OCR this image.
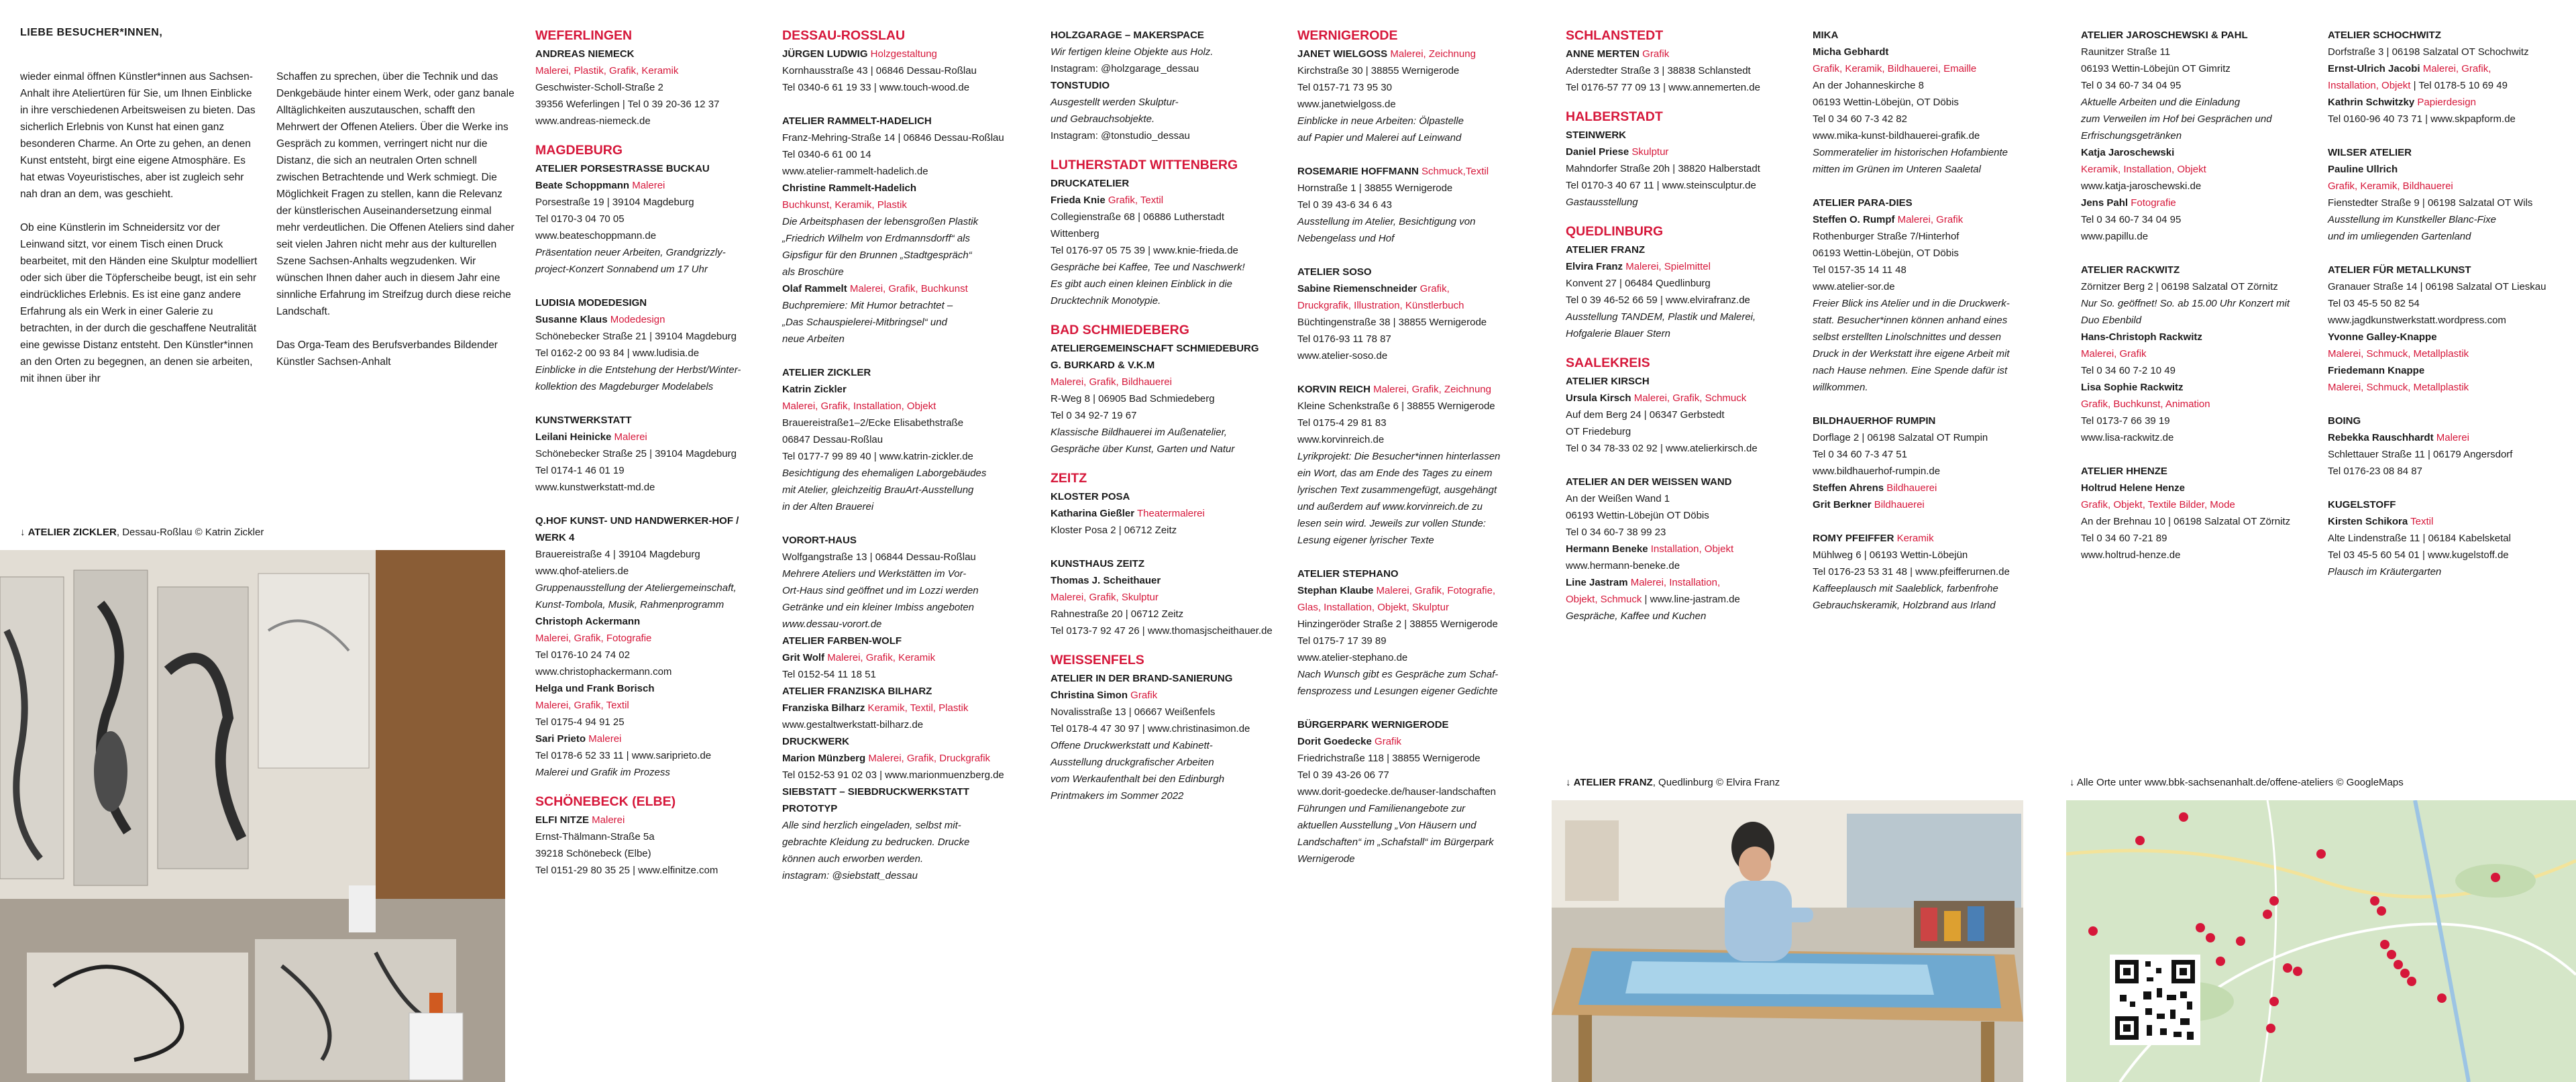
LIEBE BESUCHER*INNEN,

wieder einmal öffnen Künstler*innen aus Sachsen-Anhalt ihre Ateliertüren für Sie, um Ihnen Einblicke in ihre verschiedenen Arbeitsweisen zu bieten. Das sicherlich Erlebnis von Kunst hat einen ganz besonderen Charme. An Orte zu gehen, an denen Kunst entsteht, birgt eine eigene Atmosphäre. Es hat etwas Voyeuristisches, aber ist zugleich sehr nah dran an dem, was geschieht.

Ob eine Künstlerin im Schneidersitz vor der Leinwand sitzt, vor einem Tisch einen Druck bearbeitet, mit den Händen eine Skulptur modelliert oder sich über die Töpferscheibe beugt, ist ein sehr eindrückliches Erlebnis. Es ist eine ganz andere Erfahrung als ein Werk in einer Galerie zu betrachten, in der durch die geschaffene Neutralität eine gewisse Distanz entsteht. Den Künstler*innen an den Orten zu begegnen, an denen sie arbeiten, mit ihnen über ihr

Schaffen zu sprechen, über die Technik und das Denkgebäude hinter einem Werk, oder ganz banale Alltäglichkeiten auszutauschen, schafft den Mehrwert der Offenen Ateliers. Über die Werke ins Gespräch zu kommen, verringert nicht nur die Distanz, die sich an neutralen Orten schnell zwischen Betrachtende und Werk schmiegt. Die Möglichkeit Fragen zu stellen, kann die Relevanz der künstlerischen Auseinandersetzung einmal mehr verdeutlichen. Die Offenen Ateliers sind daher seit vielen Jahren nicht mehr aus der kulturellen Szene Sachsen-Anhalts wegzudenken. Wir wünschen Ihnen daher auch in diesem Jahr eine sinnliche Erfahrung im Streifzug durch diese reiche Landschaft.

Das Orga-Team des Berufsverbandes Bildender Künstler Sachsen-Anhalt

↓ ATELIER ZICKLER, Dessau-Roßlau © Katrin Zickler
WEFERLINGEN
ANDREAS NIEMECK
Malerei, Plastik, Grafik, Keramik
Geschwister-Scholl-Straße 2
39356 Weferlingen | Tel 0 39 20-36 12 37
www.andreas-niemeck.de
MAGDEBURG
ATELIER PORSESTRASSE BUCKAU
Beate Schoppmann Malerei
Porsestraße 19 | 39104 Magdeburg
Tel 0170-3 04 70 05
www.beateschoppmann.de
Präsentation neuer Arbeiten, Grandgrizzly-
project-Konzert Sonnabend um 17 Uhr
LUDISIA MODEDESIGN
Susanne Klaus Modedesign
Schönebecker Straße 21 | 39104 Magdeburg
Tel 0162-2 00 93 84 | www.ludisia.de
Einblicke in die Entstehung der Herbst/Winter-
kollektion des Magdeburger Modelabels
KUNSTWERKSTATT
Leilani Heinicke Malerei
Schönebecker Straße 25 | 39104 Magdeburg
Tel 0174-1 46 01 19
www.kunstwerkstatt-md.de
Q.HOF KUNST- UND HANDWERKER-HOF /
WERK 4
Brauereistraße 4 | 39104 Magdeburg
www.qhof-ateliers.de
Gruppenausstellung der Ateliergemeinschaft,
Kunst-Tombola, Musik, Rahmenprogramm
Christoph Ackermann
Malerei, Grafik, Fotografie
Tel 0176-10 24 74 02
www.christophackermann.com
Helga und Frank Borisch
Malerei, Grafik, Textil
Tel 0175-4 94 91 25
Sari Prieto Malerei
Tel 0178-6 52 33 11 | www.sariprieto.de
Malerei und Grafik im Prozess
SCHÖNEBECK (ELBE)
ELFI NITZE Malerei
Ernst-Thälmann-Straße 5a
39218 Schönebeck (Elbe)
Tel 0151-29 80 35 25 | www.elfinitze.com
DESSAU-ROSSLAU
JÜRGEN LUDWIG Holzgestaltung
Kornhausstraße 43 | 06846 Dessau-Roßlau
Tel 0340-6 61 19 33 | www.touch-wood.de
ATELIER RAMMELT-HADELICH
Franz-Mehring-Straße 14 | 06846 Dessau-Roßlau
Tel 0340-6 61 00 14
www.atelier-rammelt-hadelich.de
Christine Rammelt-Hadelich
Buchkunst, Keramik, Plastik
Die Arbeitsphasen der lebensgroßen Plastik
„Friedrich Wilhelm von Erdmannsdorff“ als
Gipsfigur für den Brunnen „Stadtgespräch“
als Broschüre
Olaf Rammelt Malerei, Grafik, Buchkunst
Buchpremiere: Mit Humor betrachtet –
„Das Schauspielerei-Mitbringsel“ und
neue Arbeiten
ATELIER ZICKLER
Katrin Zickler
Malerei, Grafik, Installation, Objekt
Brauereistraße1–2/Ecke Elisabethstraße
06847 Dessau-Roßlau
Tel 0177-7 99 89 40 | www.katrin-zickler.de
Besichtigung des ehemaligen Laborgebäudes
mit Atelier, gleichzeitig BrauArt-Ausstellung
in der Alten Brauerei
VORORT-HAUS
Wolfgangstraße 13 | 06844 Dessau-Roßlau
Mehrere Ateliers und Werkstätten im Vor-
Ort-Haus sind geöffnet und im Lozzi werden
Getränke und ein kleiner Imbiss angeboten
www.dessau-vorort.de
ATELIER FARBEN-WOLF
Grit Wolf Malerei, Grafik, Keramik
Tel 0152-54 11 18 51
ATELIER FRANZISKA BILHARZ
Franziska Bilharz Keramik, Textil, Plastik
www.gestaltwerkstatt-bilharz.de
DRUCKWERK
Marion Münzberg Malerei, Grafik, Druckgrafik
Tel 0152-53 91 02 03 | www.marionmuenzberg.de
SIEBSTATT – SIEBDRUCKWERKSTATT
PROTOTYP
Alle sind herzlich eingeladen, selbst mit-
gebrachte Kleidung zu bedrucken. Drucke
können auch erworben werden.
instagram: @siebstatt_dessau
HOLZGARAGE – MAKERSPACE
Wir fertigen kleine Objekte aus Holz.
Instagram: @holzgarage_dessau
TONSTUDIO
Ausgestellt werden Skulptur-
und Gebrauchsobjekte.
Instagram: @tonstudio_dessau
LUTHERSTADT WITTENBERG
DRUCKATELIER
Frieda Knie Grafik, Textil
Collegienstraße 68 | 06886 Lutherstadt
Wittenberg
Tel 0176-97 05 75 39 | www.knie-frieda.de
Gespräche bei Kaffee, Tee und Naschwerk!
Es gibt auch einen kleinen Einblick in die
Drucktechnik Monotypie.
BAD SCHMIEDEBERG
ATELIERGEMEINSCHAFT SCHMIEDEBURG
G. BURKARD & V.K.M
Malerei, Grafik, Bildhauerei
R-Weg 8 | 06905 Bad Schmiedeberg
Tel 0 34 92-7 19 67
Klassische Bildhauerei im Außenatelier,
Gespräche über Kunst, Garten und Natur
ZEITZ
KLOSTER POSA
Katharina Gießler Theatermalerei
Kloster Posa 2 | 06712 Zeitz
KUNSTHAUS ZEITZ
Thomas J. Scheithauer
Malerei, Grafik, Skulptur
Rahnestraße 20 | 06712 Zeitz
Tel 0173-7 92 47 26 | www.thomasjscheithauer.de
WEISSENFELS
ATELIER IN DER BRAND-SANIERUNG
Christina Simon Grafik
Novalisstraße 13 | 06667 Weißenfels
Tel 0178-4 47 30 97 | www.christinasimon.de
Offene Druckwerkstatt und Kabinett-
Ausstellung druckgrafischer Arbeiten
vom Werkaufenthalt bei den Edinburgh
Printmakers im Sommer 2022
WERNIGERODE
JANET WIELGOSS Malerei, Zeichnung
Kirchstraße 30 | 38855 Wernigerode
Tel 0157-71 73 95 30
www.janetwielgoss.de
Einblicke in neue Arbeiten: Ölpastelle
auf Papier und Malerei auf Leinwand
ROSEMARIE HOFFMANN Schmuck,Textil
Hornstraße 1 | 38855 Wernigerode
Tel 0 39 43-6 34 6 43
Ausstellung im Atelier, Besichtigung von
Nebengelass und Hof
ATELIER SOSO
Sabine Riemenschneider Grafik,
Druckgrafik, Illustration, Künstlerbuch
Büchtingenstraße 38 | 38855 Wernigerode
Tel 0176-93 11 78 87
www.atelier-soso.de
KORVIN REICH Malerei, Grafik, Zeichnung
Kleine Schenkstraße 6 | 38855 Wernigerode
Tel 0175-4 29 81 83
www.korvinreich.de
Lyrikprojekt: Die Besucher*innen hinterlassen
ein Wort, das am Ende des Tages zu einem
lyrischen Text zusammengefügt, ausgehängt
und außerdem auf www.korvinreich.de zu
lesen sein wird. Jeweils zur vollen Stunde:
Lesung eigener lyrischer Texte
ATELIER STEPHANO
Stephan Klaube Malerei, Grafik, Fotografie,
Glas, Installation, Objekt, Skulptur
Hinzingeröder Straße 2 | 38855 Wernigerode
Tel 0175-7 17 39 89
www.atelier-stephano.de
Nach Wunsch gibt es Gespräche zum Schaf-
fensprozess und Lesungen eigener Gedichte
BÜRGERPARK WERNIGERODE
Dorit Goedecke Grafik
Friedrichstraße 118 | 38855 Wernigerode
Tel 0 39 43-26 06 77
www.dorit-goedecke.de/hauser-landschaften
Führungen und Familienangebote zur
aktuellen Ausstellung „Von Häusern und
Landschaften“ im „Schafstall“ im Bürgerpark
Wernigerode
SCHLANSTEDT
ANNE MERTEN Grafik
Aderstedter Straße 3 | 38838 Schlanstedt
Tel 0176-57 77 09 13 | www.annemerten.de
HALBERSTADT
STEINWERK
Daniel Priese Skulptur
Mahndorfer Straße 20h | 38820 Halberstadt
Tel 0170-3 40 67 11 | www.steinsculptur.de
Gastausstellung
QUEDLINBURG
ATELIER FRANZ
Elvira Franz Malerei, Spielmittel
Konvent 27 | 06484 Quedlinburg
Tel 0 39 46-52 66 59 | www.elvirafranz.de
Ausstellung TANDEM, Plastik und Malerei,
Hofgalerie Blauer Stern
SAALEKREIS
ATELIER KIRSCH
Ursula Kirsch Malerei, Grafik, Schmuck
Auf dem Berg 24 | 06347 Gerbstedt
OT Friedeburg
Tel 0 34 78-33 02 92 | www.atelierkirsch.de
ATELIER AN DER WEISSEN WAND
An der Weißen Wand 1
06193 Wettin-Löbejün OT Döbis
Tel 0 34 60-7 38 99 23
Hermann Beneke Installation, Objekt
www.hermann-beneke.de
Line Jastram Malerei, Installation,
Objekt, Schmuck | www.line-jastram.de
Gespräche, Kaffee und Kuchen
MIKA
Micha Gebhardt
Grafik, Keramik, Bildhauerei, Emaille
An der Johanneskirche 8
06193 Wettin-Löbejün, OT Döbis
Tel 0 34 60 7-3 42 82
www.mika-kunst-bildhauerei-grafik.de
Sommeratelier im historischen Hofambiente
mitten im Grünen im Unteren Saaletal
ATELIER PARA-DIES
Steffen O. Rumpf Malerei, Grafik
Rothenburger Straße 7/Hinterhof
06193 Wettin-Löbejün, OT Döbis
Tel 0157-35 14 11 48
www.atelier-sor.de
Freier Blick ins Atelier und in die Druckwerk-
statt. Besucher*innen können anhand eines
selbst erstellten Linolschnittes und dessen
Druck in der Werkstatt ihre eigene Arbeit mit
nach Hause nehmen. Eine Spende dafür ist
willkommen.
BILDHAUERHOF RUMPIN
Dorflage 2 | 06198 Salzatal OT Rumpin
Tel 0 34 60 7-3 47 51
www.bildhauerhof-rumpin.de
Steffen Ahrens Bildhauerei
Grit Berkner Bildhauerei
ROMY PFEIFFER Keramik
Mühlweg 6 | 06193 Wettin-Löbejün
Tel 0176-23 53 31 48 | www.pfeifferurnen.de
Kaffeeplausch mit Saaleblick, farbenfrohe
Gebrauchskeramik, Holzbrand aus Irland
ATELIER JAROSCHEWSKI & PAHL
Raunitzer Straße 11
06193 Wettin-Löbejün OT Gimritz
Tel 0 34 60-7 34 04 95
Aktuelle Arbeiten und die Einladung
zum Verweilen im Hof bei Gesprächen und
Erfrischungsgetränken
Katja Jaroschewski
Keramik, Installation, Objekt
www.katja-jaroschewski.de
Jens Pahl Fotografie
Tel 0 34 60-7 34 04 95
www.papillu.de
ATELIER RACKWITZ
Zörnitzer Berg 2 | 06198 Salzatal OT Zörnitz
Nur So. geöffnet! So. ab 15.00 Uhr Konzert mit
Duo Ebenbild
Hans-Christoph Rackwitz
Malerei, Grafik
Tel 0 34 60 7-2 10 49
Lisa Sophie Rackwitz
Grafik, Buchkunst, Animation
Tel 0173-7 66 39 19
www.lisa-rackwitz.de
ATELIER HHENZE
Holtrud Helene Henze
Grafik, Objekt, Textile Bilder, Mode
An der Brehnau 10 | 06198 Salzatal OT Zörnitz
Tel 0 34 60 7-21 89
www.holtrud-henze.de
ATELIER SCHOCHWITZ
Dorfstraße 3 | 06198 Salzatal OT Schochwitz
Ernst-Ulrich Jacobi Malerei, Grafik,
Installation, Objekt | Tel 0178-5 10 69 49
Kathrin Schwitzky Papierdesign
Tel 0160-96 40 73 71 | www.skpapform.de
WILSER ATELIER
Pauline Ullrich
Grafik, Keramik, Bildhauerei
Fienstedter Straße 9 | 06198 Salzatal OT Wils
Ausstellung im Kunstkeller Blanc-Fixe
und im umliegenden Gartenland
ATELIER FÜR METALLKUNST
Granauer Straße 14 | 06198 Salzatal OT Lieskau
Tel 03 45-5 50 82 54
www.jagdkunstwerkstatt.wordpress.com
Yvonne Galley-Knappe
Malerei, Schmuck, Metallplastik
Friedemann Knappe
Malerei, Schmuck, Metallplastik
BOING
Rebekka Rauschhardt Malerei
Schlettauer Straße 11 | 06179 Angersdorf
Tel 0176-23 08 84 87
KUGELSTOFF
Kirsten Schikora Textil
Alte Lindenstraße 11 | 06184 Kabelsketal
Tel 03 45-5 60 54 01 | www.kugelstoff.de
Plausch im Kräutergarten
↓ ATELIER FRANZ, Quedlinburg © Elvira Franz	↓ Alle Orte unter www.bbk-sachsenanhalt.de/offene-ateliers © GoogleMaps
